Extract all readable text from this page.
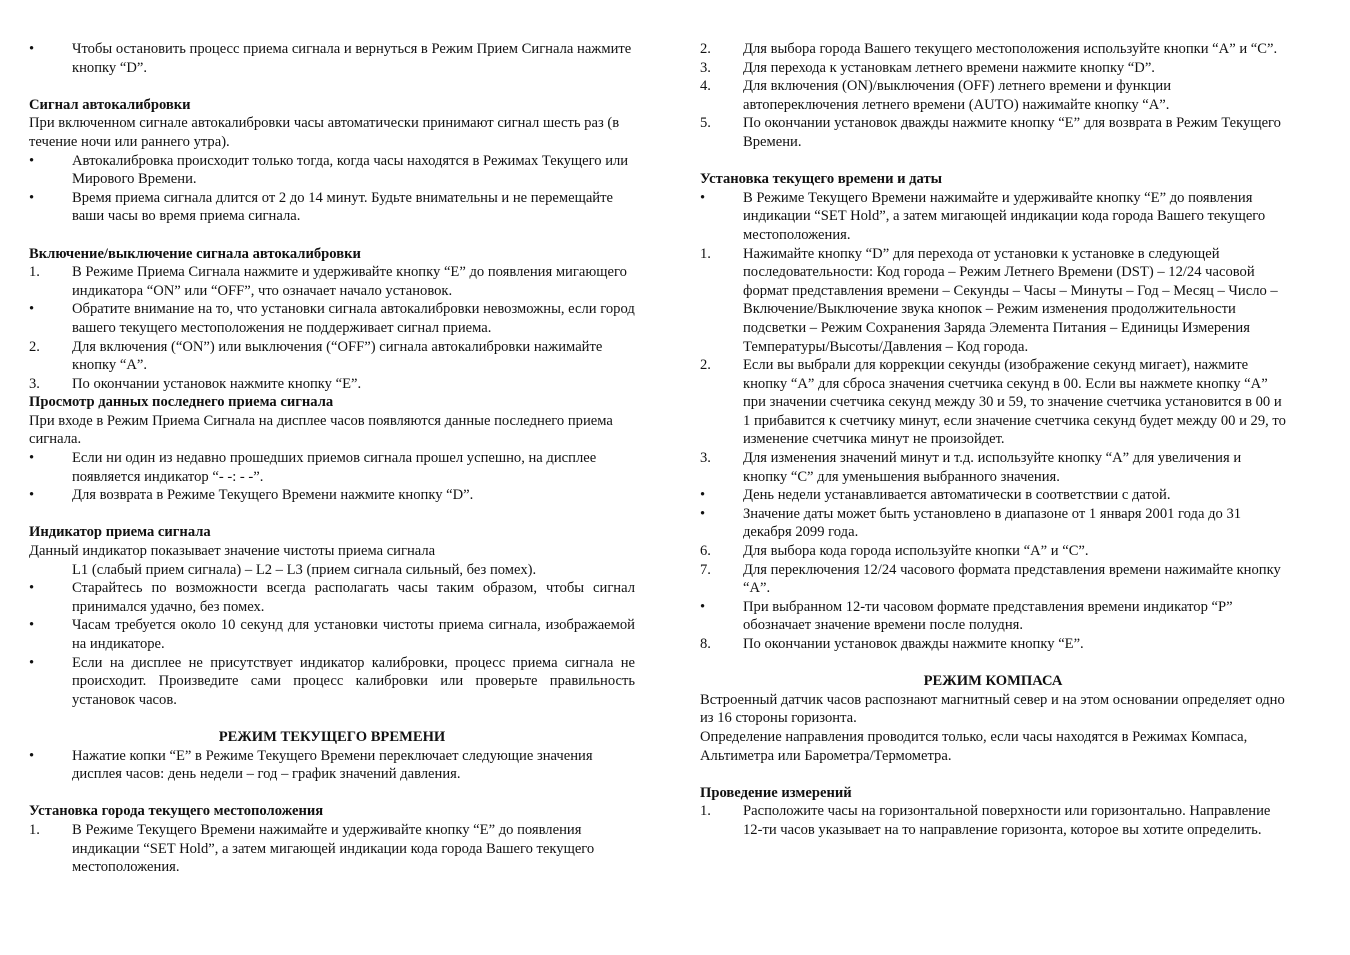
•	Чтобы остановить процесс приема сигнала и вернуться в Режим Прием Сигнала нажмите кнопку “D”.
Сигнал автокалибровки
При включенном сигнале автокалибровки часы автоматически принимают сигнал шесть раз (в течение ночи или раннего утра).
•	Автокалибровка происходит только тогда, когда часы находятся в Режимах Текущего или Мирового Времени.
•	Время приема сигнала длится от 2 до 14 минут. Будьте внимательны и не перемещайте ваши часы во время приема сигнала.
Включение/выключение сигнала автокалибровки
1.	В Режиме Приема Сигнала нажмите и удерживайте кнопку “E” до появления мигающего индикатора “ON” или “OFF”, что означает начало установок.
•	Обратите внимание на то, что установки сигнала автокалибровки невозможны, если город вашего текущего местоположения не поддерживает сигнал приема.
2.	Для включения (“ON”) или выключения (“OFF”) сигнала автокалибровки нажимайте кнопку “А”.
3.	По окончании установок нажмите кнопку “E”.
Просмотр данных последнего приема сигнала
При входе в Режим Приема Сигнала на дисплее часов появляются данные последнего приема сигнала.
•	Если ни один из недавно прошедших приемов сигнала прошел успешно, на дисплее появляется индикатор “- -: - -”.
•	Для возврата в Режиме Текущего Времени нажмите кнопку “D”.
Индикатор приема сигнала
Данный индикатор показывает значение чистоты приема сигнала
L1 (слабый прием сигнала) – L2 – L3 (прием сигнала сильный, без помех).
•	Старайтесь по возможности всегда располагать часы таким образом, чтобы сигнал принимался удачно, без помех.
•	Часам требуется около 10 секунд для установки чистоты приема сигнала, изображаемой на индикаторе.
•	Если на дисплее не присутствует индикатор калибровки, процесс приема сигнала не происходит. Произведите сами процесс калибровки или проверьте правильность установок часов.
РЕЖИМ ТЕКУЩЕГО ВРЕМЕНИ
•	Нажатие копки “E” в Режиме Текущего Времени переключает следующие значения дисплея часов: день недели – год – график значений давления.
Установка города текущего местоположения
1.	В Режиме Текущего Времени нажимайте и удерживайте кнопку “E” до появления индикации “SET Hold”, а затем мигающей индикации кода города Вашего текущего местоположения.
2.	Для выбора города Вашего текущего местоположения используйте кнопки “A” и “C”.
3.	Для перехода к установкам летнего времени нажмите кнопку “D”.
4.	Для включения (ON)/выключения (OFF) летнего времени и функции автопереключения летнего времени (AUTO) нажимайте кнопку “A”.
5.	По окончании установок дважды нажмите кнопку “E” для возврата в Режим Текущего Времени.
Установка текущего времени и даты
•	В Режиме Текущего Времени нажимайте и удерживайте кнопку “E” до появления индикации “SET Hold”, а затем мигающей индикации кода города Вашего текущего местоположения.
1.	Нажимайте кнопку “D” для перехода от установки к установке в следующей последовательности: Код города – Режим Летнего Времени (DST) – 12/24 часовой формат представления времени – Секунды – Часы – Минуты – Год – Месяц – Число – Включение/Выключение звука кнопок – Режим изменения продолжительности подсветки – Режим Сохранения Заряда Элемента Питания – Единицы Измерения Температуры/Высоты/Давления – Код города.
2.	Если вы выбрали для коррекции секунды (изображение секунд мигает), нажмите кнопку “A” для сброса значения счетчика секунд в 00. Если вы нажмете кнопку “A” при значении счетчика секунд между 30 и 59, то значение счетчика установится в 00 и 1 прибавится к счетчику минут, если значение счетчика секунд будет между 00 и 29, то изменение счетчика минут не произойдет.
3.	Для изменения значений минут и т.д. используйте кнопку “A” для увеличения и кнопку “C” для уменьшения выбранного значения.
•	День недели устанавливается автоматически в соответствии с датой.
•	Значение даты может быть установлено в диапазоне от 1 января 2001 года до 31 декабря 2099 года.
6.	Для выбора кода города используйте кнопки “A” и “C”.
7.	Для переключения 12/24 часового формата представления времени нажимайте кнопку “A”.
•	При выбранном 12-ти часовом формате представления времени индикатор “P” обозначает значение времени после полудня.
8.	По окончании установок дважды нажмите кнопку “E”.
РЕЖИМ КОМПАСА
Встроенный датчик часов распознают магнитный север и на этом основании определяет одно из 16 стороны горизонта.
Определение направления проводится только, если часы находятся в Режимах Компаса, Альтиметра или Барометра/Термометра.
Проведение измерений
1.	Расположите часы на горизонтальной поверхности или горизонтально. Направление 12-ти часов указывает на то направление горизонта, которое вы хотите определить.
